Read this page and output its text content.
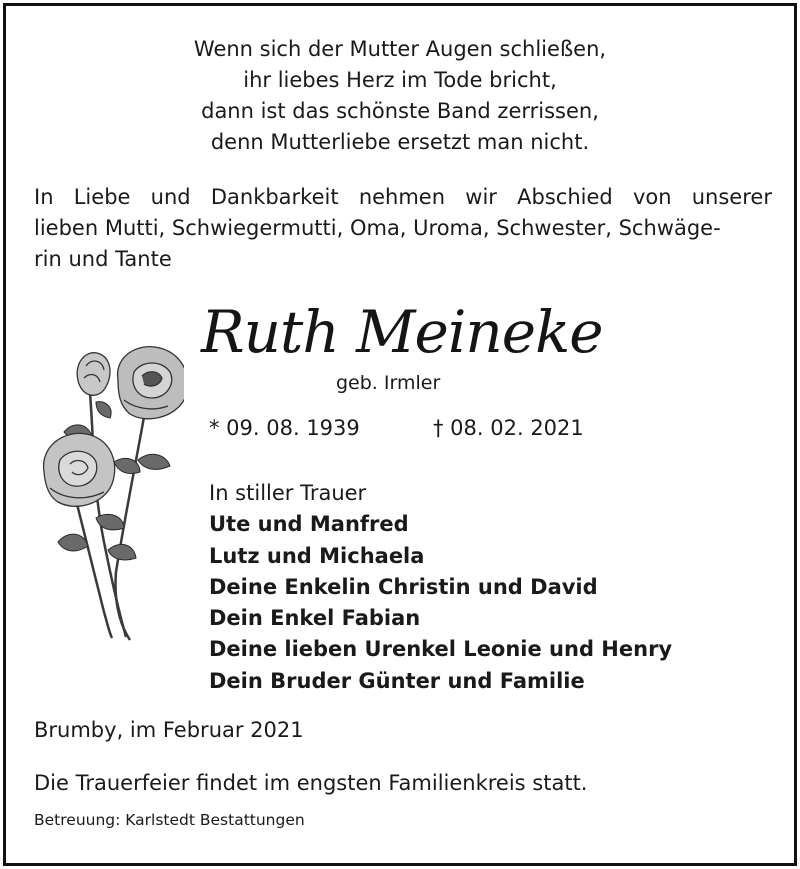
Wenn sich der Mutter Augen schließen,
ihr liebes Herz im Tode bricht,
dann ist das schönste Band zerrissen,
denn Mutterliebe ersetzt man nicht.
In Liebe und Dankbarkeit nehmen wir Abschied von unserer
lieben Mutti, Schwiegermutti, Oma, Uroma, Schwester, Schwäge-
rin und Tante
Ruth Meineke
geb. Irmler
* 09. 08. 1939	† 08. 02. 2021
In stiller Trauer
Ute und Manfred
Lutz und Michaela
Deine Enkelin Christin und David
Dein Enkel Fabian
Deine lieben Urenkel Leonie und Henry
Dein Bruder Günter und Familie
Brumby, im Februar 2021
Die Trauerfeier findet im engsten Familienkreis statt.
Betreuung: Karlstedt Bestattungen
